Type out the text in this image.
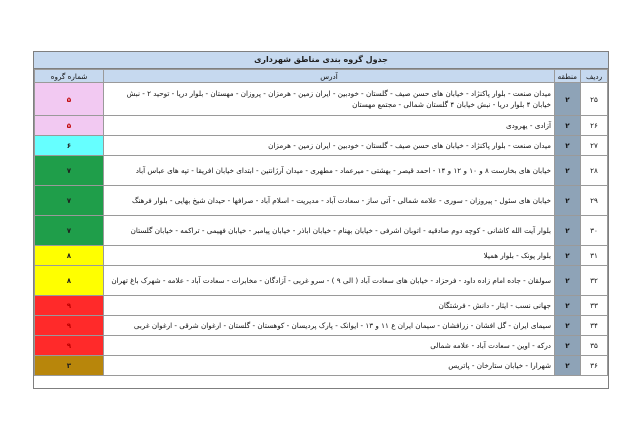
جدول گروه بندی مناطق شهرداری
ردیف	منطقه	آدرس	شماره گروه
۲۵	۲	میدان صنعت - بلوار پاکنژاد - خیابان های حسن صیف - گلستان - خودبین - ایران زمین - هرمزان - پروزان - مهستان - بلوار دریا - توحید ۲ - نبش خیابان ۴ بلوار دریا - نبش خیابان ۴ گلستان شمالی - مجتمع مهستان	۵
۲۶	۲	آزادی - یهرودی	۵
۲۷	۲	میدان صنعت - بلوار پاکنژاد - خیابان های حسن صیف - گلستان - خودبین - ایران زمین - هرمزان	۶
۲۸	۲	خیابان های بخارست ۸ و ۱۰ و ۱۲ و ۱۴ - احمد قیصر - بهشتی - میرعماد - مطهری - میدان آرژانتین - ابتدای خیابان افریقا - تپه های عباس آباد	۷
۲۹	۲	خیابان های سئول - پیروزان - سوری - علامه شمالی - آتی ساز - سعادت آباد - مدیریت - اسلام آباد - صرافها - حیدان شیخ بهایی - بلوار فرهنگ	۷
۳۰	۲	بلوار آیت الله کاشانی - کوچه دوم صادقیه - اتوبان اشرفی - خیابان بهنام - خیابان اباذر - خیابان پیامبر - خیابان فهیمی - تراکمه - خیابان گلستان	۷
۳۱	۲	بلوار پونک - بلوار همیلا	۸
۳۲	۲	سولقان - جاده امام زاده داود - فرحزاد - خیابان های سعادت آباد ( الی ۹ ) - سرو غربی - آزادگان - مخابرات - سعادت آباد - علامه - شهرک باغ تهران	۸
۳۳	۲	جهانی نسب - ایثار - دانش - فرشتگان	۹
۳۴	۲	سیمای ایران - گل افشان - زرافشان - سیمان ایران ع ۱۱ و ۱۳ - ایوانک - پارک پردیسان - کوهستان - گلستان - ارغوان شرقی - ارغوان غربی	۹
۳۵	۲	درکه - اوین - سعادت آباد - علامه شمالی	۹
۳۶	۲	شهرارا - خیابان ستارخان - پاتریس	۳
